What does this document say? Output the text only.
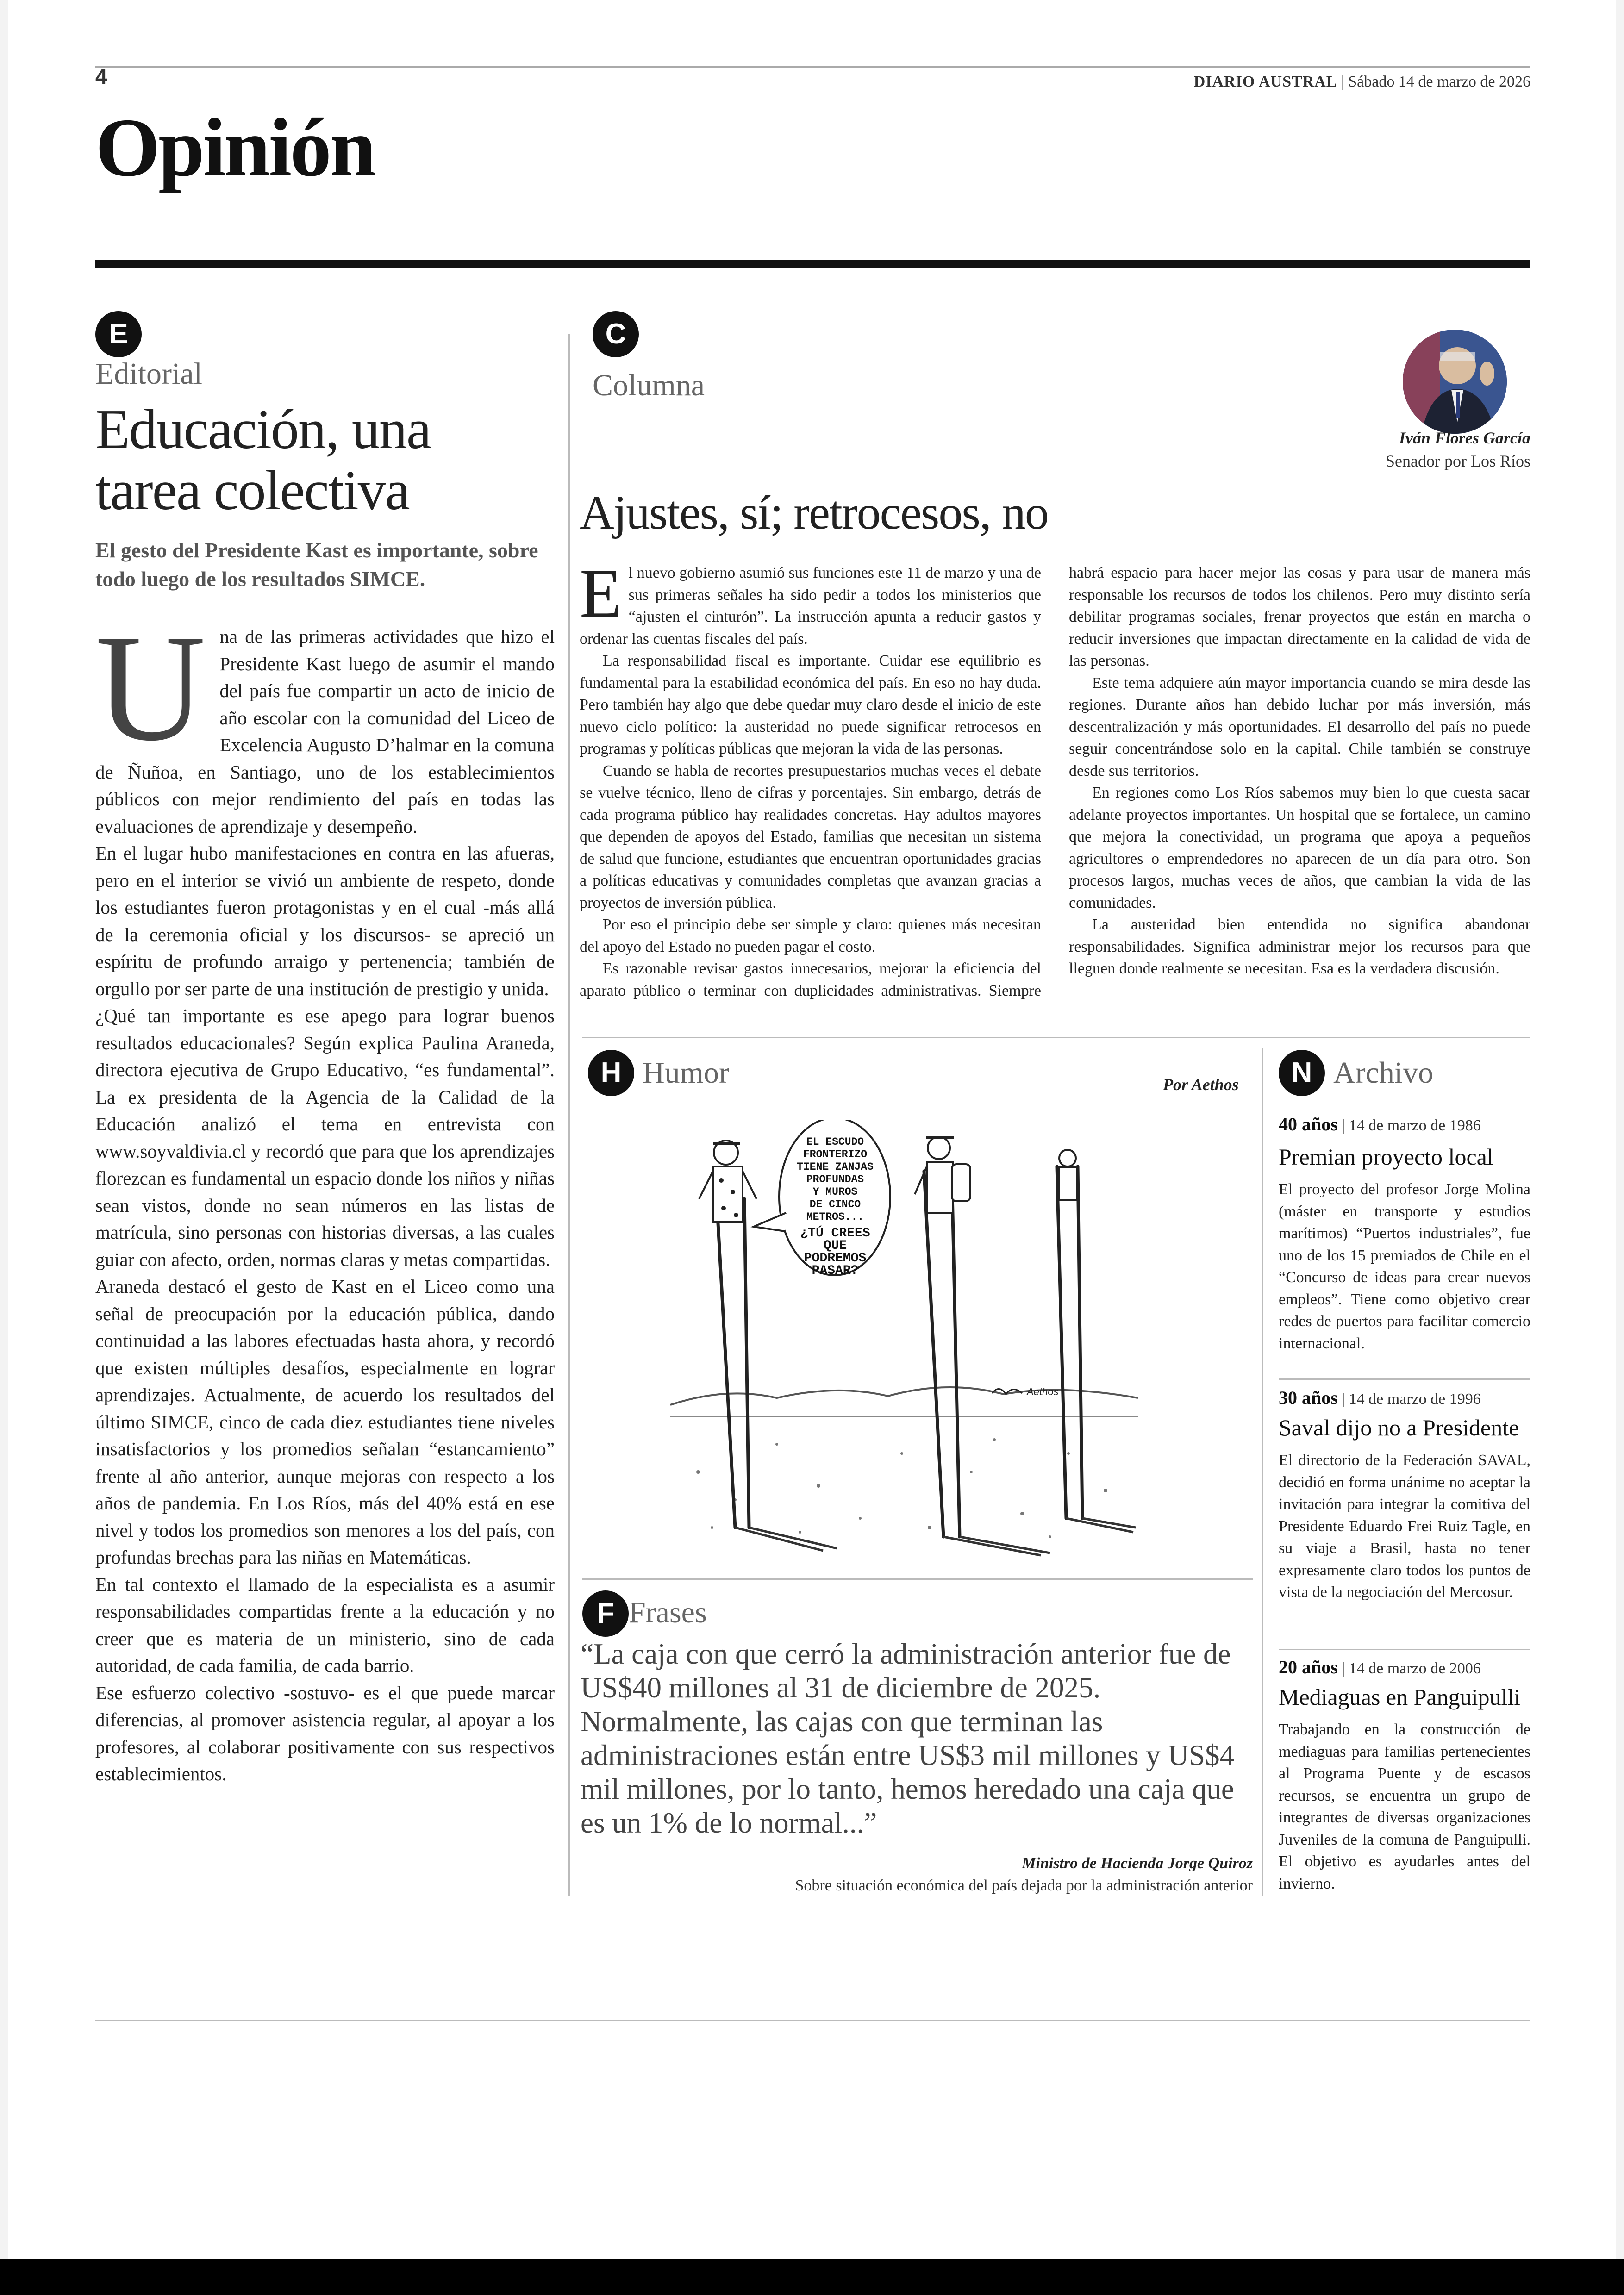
4	DIARIO AUSTRAL | Sábado 14 de marzo de 2026
Opinión
E
Editorial
Educación, una tarea colectiva
El gesto del Presidente Kast es importante, sobre todo luego de los resultados SIMCE.
U na de las primeras actividades que hizo el Presidente Kast luego de asumir el mando del país fue compartir un acto de inicio de año escolar con la comunidad del Liceo de Excelencia Augusto D’halmar en la comuna de Ñuñoa, en Santiago, uno de los establecimientos públicos con mejor rendimiento del país en todas las evaluaciones de aprendizaje y desempeño.

En el lugar hubo manifestaciones en contra en las afueras, pero en el interior se vivió un ambiente de respeto, donde los estudiantes fueron protagonistas y en el cual -más allá de la ceremonia oficial y los discursos- se apreció un espíritu de profundo arraigo y pertenencia; también de orgullo por ser parte de una institución de prestigio y unida.

¿Qué tan importante es ese apego para lograr buenos resultados educacionales? Según explica Paulina Araneda, directora ejecutiva de Grupo Educativo, “es fundamental”. La ex presidenta de la Agencia de la Calidad de la Educación analizó el tema en entrevista con www.soyvaldivia.cl y recordó que para que los aprendizajes florezcan es fundamental un espacio donde los niños y niñas sean vistos, donde no sean números en las listas de matrícula, sino personas con historias diversas, a las cuales guiar con afecto, orden, normas claras y metas compartidas.

Araneda destacó el gesto de Kast en el Liceo como una señal de preocupación por la educación pública, dando continuidad a las labores efectuadas hasta ahora, y recordó que existen múltiples desafíos, especialmente en lograr aprendizajes. Actualmente, de acuerdo los resultados del último SIMCE, cinco de cada diez estudiantes tiene niveles insatisfactorios y los promedios señalan “estancamiento” frente al año anterior, aunque mejoras con respecto a los años de pandemia. En Los Ríos, más del 40% está en ese nivel y todos los promedios son menores a los del país, con profundas brechas para las niñas en Matemáticas.

En tal contexto el llamado de la especialista es a asumir responsabilidades compartidas frente a la educación y no creer que es materia de un ministerio, sino de cada autoridad, de cada familia, de cada barrio.

Ese esfuerzo colectivo -sostuvo- es el que puede marcar diferencias, al promover asistencia regular, al apoyar a los profesores, al colaborar positivamente con sus respectivos establecimientos.

C
Columna
Iván Flores García
Senador por Los Ríos
Ajustes, sí; retrocesos, no
E l nuevo gobierno asumió sus funciones este 11 de marzo y una de sus primeras señales ha sido pedir a todos los ministerios que “ajusten el cinturón”. La instrucción apunta a reducir gastos y ordenar las cuentas fiscales del país.

La responsabilidad fiscal es importante. Cuidar ese equilibrio es fundamental para la estabilidad económica del país. En eso no hay duda. Pero también hay algo que debe quedar muy claro desde el inicio de este nuevo ciclo político: la austeridad no puede significar retrocesos en programas y políticas públicas que mejoran la vida de las personas.

Cuando se habla de recortes presupuestarios muchas veces el debate se vuelve técnico, lleno de cifras y porcentajes. Sin embargo, detrás de cada programa público hay realidades concretas. Hay adultos mayores que dependen de apoyos del Estado, familias que necesitan un sistema de salud que funcione, estudiantes que encuentran oportunidades gracias a políticas educativas y comunidades completas que avanzan gracias a proyectos de inversión pública.

Por eso el principio debe ser simple y claro: quienes más necesitan del apoyo del Estado no pueden pagar el costo.

Es razonable revisar gastos innecesarios, mejorar la eficiencia del aparato público o terminar con duplicidades administrativas. Siempre habrá espacio para hacer mejor las cosas y para usar de manera más responsable los recursos de todos los chilenos. Pero muy distinto sería debilitar programas sociales, frenar proyectos que están en marcha o reducir inversiones que impactan directamente en la calidad de vida de las personas.

Este tema adquiere aún mayor importancia cuando se mira desde las regiones. Durante años han debido luchar por más inversión, más descentralización y más oportunidades. El desarrollo del país no puede seguir concentrándose solo en la capital. Chile también se construye desde sus territorios.

En regiones como Los Ríos sabemos muy bien lo que cuesta sacar adelante proyectos importantes. Un hospital que se fortalece, un camino que mejora la conectividad, un programa que apoya a pequeños agricultores o emprendedores no aparecen de un día para otro. Son procesos largos, muchas veces de años, que cambian la vida de las comunidades.

La austeridad bien entendida no significa abandonar responsabilidades. Significa administrar mejor los recursos para que lleguen donde realmente se necesitan. Esa es la verdadera discusión.

H Humor	Por Aethos
EL ESCUDO
FRONTERIZO
TIENE ZANJAS
PROFUNDAS
Y MUROS
DE CINCO
METROS...
¿TÚ CREES
QUE
PODREMOS
PASAR?
Aethos
F Frases
“La caja con que cerró la administración anterior fue de US$40 millones al 31 de diciembre de 2025. Normalmente, las cajas con que terminan las administraciones están entre US$3 mil millones y US$4 mil millones, por lo tanto, hemos heredado una caja que es un 1% de lo normal...”
Ministro de Hacienda Jorge Quiroz
Sobre situación económica del país dejada por la administración anterior
N Archivo
40 años | 14 de marzo de 1986
Premian proyecto local
El proyecto del profesor Jorge Molina (máster en transporte y estudios marítimos) “Puertos industriales”, fue uno de los 15 premiados de Chile en el “Concurso de ideas para crear nuevos empleos”. Tiene como objetivo crear redes de puertos para facilitar comercio internacional.
30 años | 14 de marzo de 1996
Saval dijo no a Presidente
El directorio de la Federación SAVAL, decidió en forma unánime no aceptar la invitación para integrar la comitiva del Presidente Eduardo Frei Ruiz Tagle, en su viaje a Brasil, hasta no tener expresamente claro todos los puntos de vista de la negociación del Mercosur.
20 años | 14 de marzo de 2006
Mediaguas en Panguipulli
Trabajando en la construcción de mediaguas para familias pertenecientes al Programa Puente y de escasos recursos, se encuentra un grupo de integrantes de diversas organizaciones Juveniles de la comuna de Panguipulli. El objetivo es ayudarles antes del invierno.
